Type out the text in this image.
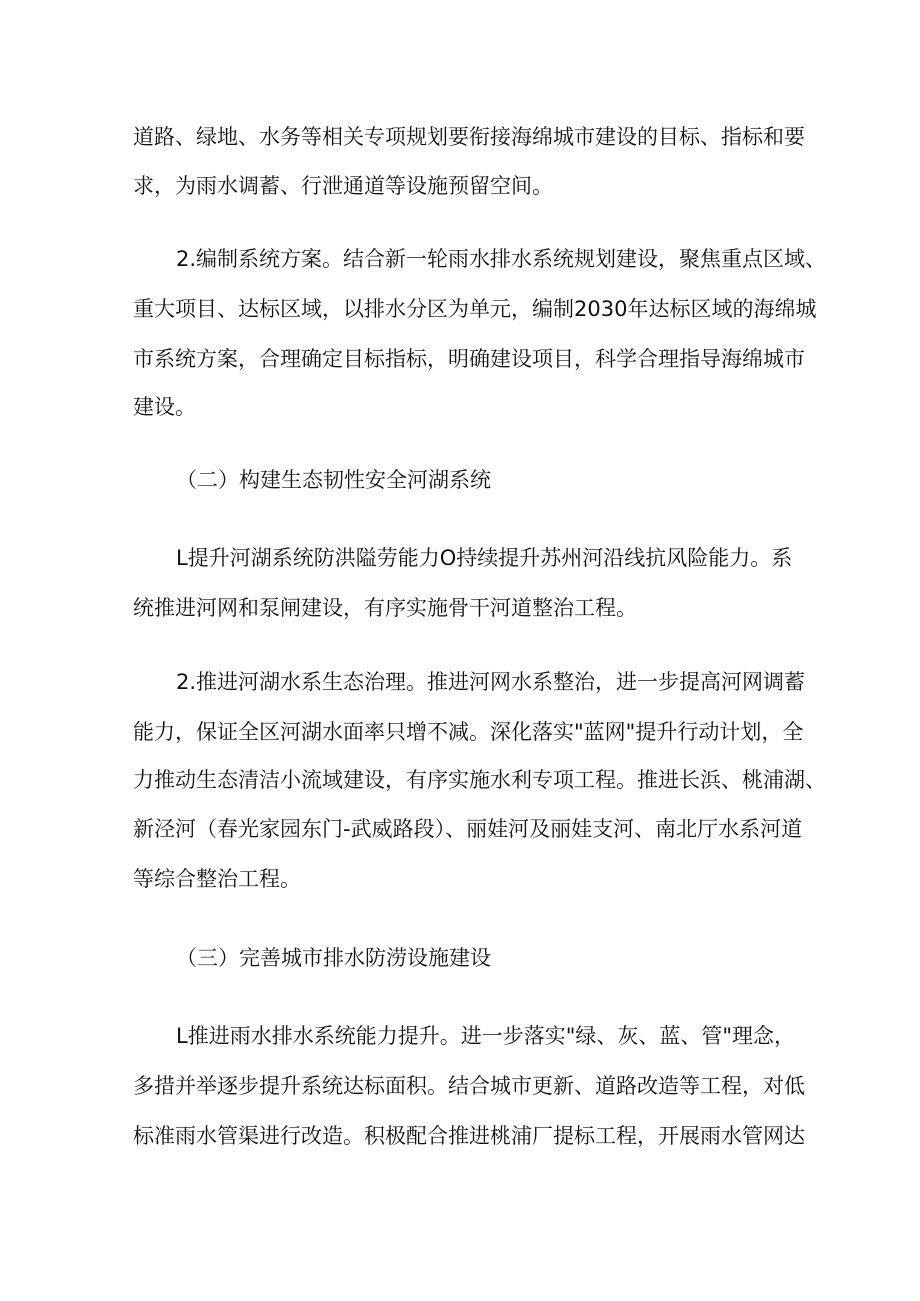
道路、绿地、水务等相关专项规划要衔接海绵城市建设的目标、指标和要
求，为雨水调蓄、行泄通道等设施预留空间。
2.编制系统方案。结合新一轮雨水排水系统规划建设，聚焦重点区域、
重大项目、达标区域，以排水分区为单元，编制2030年达标区域的海绵城
市系统方案，合理确定目标指标，明确建设项目，科学合理指导海绵城市
建设。
（二）构建生态韧性安全河湖系统
L提升河湖系统防洪隘劳能力O持续提升苏州河沿线抗风险能力。系
统推进河网和泵闸建设，有序实施骨干河道整治工程。
2.推进河湖水系生态治理。推进河网水系整治，进一步提高河网调蓄
能力，保证全区河湖水面率只增不减。深化落实"蓝网"提升行动计划，全
力推动生态清洁小流域建设，有序实施水利专项工程。推进长浜、桃浦湖、
新泾河（春光家园东门-武威路段）、丽娃河及丽娃支河、南北厅水系河道
等综合整治工程。
（三）完善城市排水防涝设施建设
L推进雨水排水系统能力提升。进一步落实"绿、灰、蓝、管"理念，
多措并举逐步提升系统达标面积。结合城市更新、道路改造等工程，对低
标准雨水管渠进行改造。积极配合推进桃浦厂提标工程，开展雨水管网达
